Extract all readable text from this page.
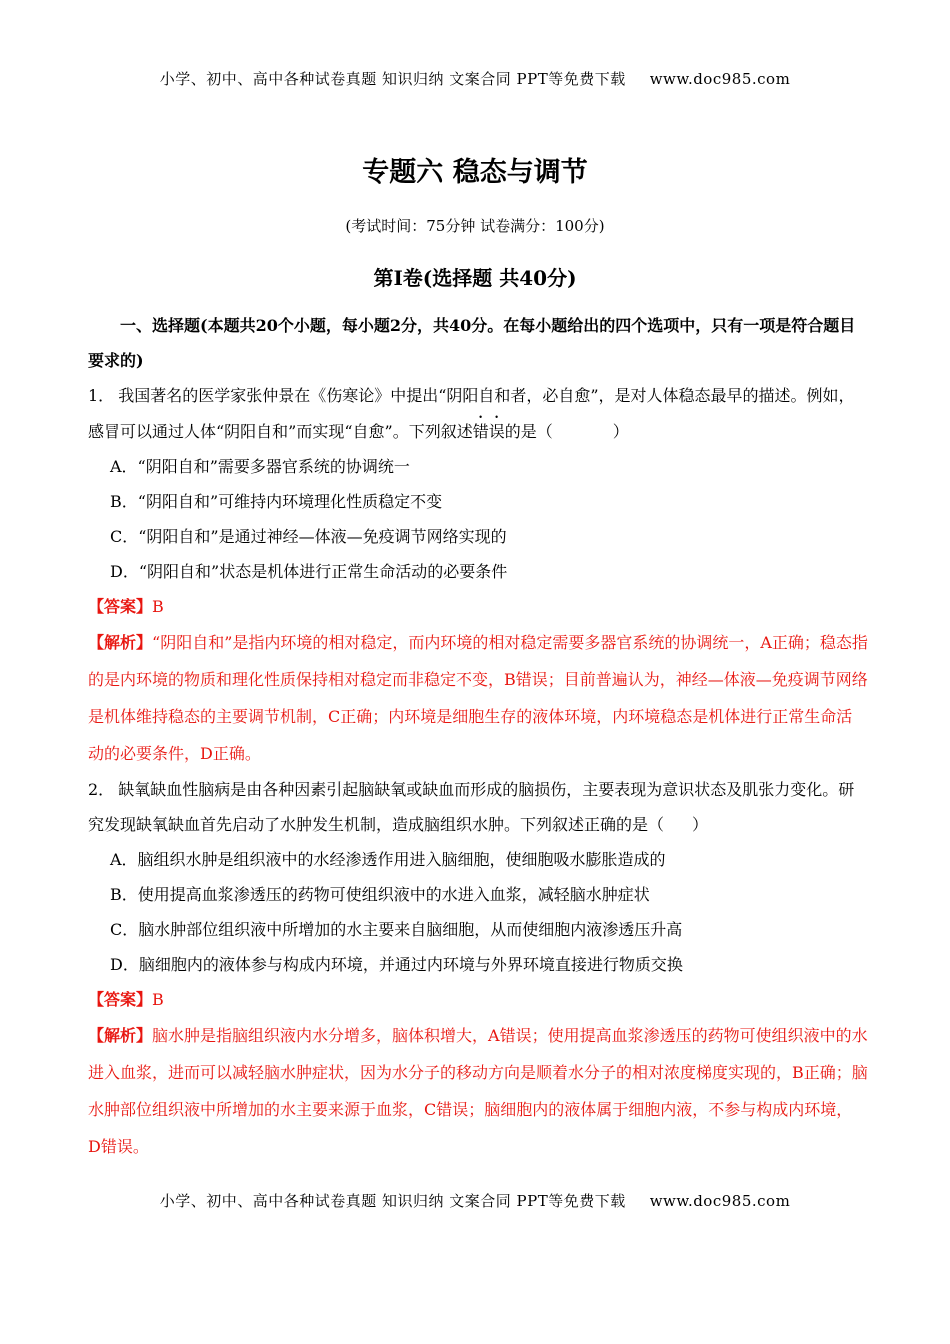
小学、初中、高中各种试卷真题 知识归纳 文案合同 PPT等免费下载 www.doc985.com
专题六 稳态与调节
(考试时间：75分钟 试卷满分：100分)
第Ⅰ卷(选择题 共40分)

一、选择题(本题共20个小题，每小题2分，共40分。在每小题给出的四个选项中，只有一项是符合题目要求的)

1． 我国著名的医学家张仲景在《伤寒论》中提出“阴阳自和者，必自愈”，是对人体稳态最早的描述。例如，感冒可以通过人体“阴阳自和”而实现“自愈”。下列叙述错误的是（	）

A．“阴阳自和”需要多器官系统的协调统一

B．“阴阳自和”可维持内环境理化性质稳定不变

C．“阴阳自和”是通过神经—体液—免疫调节网络实现的

D．“阴阳自和”状态是机体进行正常生命活动的必要条件

【答案】B

【解析】“阴阳自和”是指内环境的相对稳定，而内环境的相对稳定需要多器官系统的协调统一，A正确；稳态指的是内环境的物质和理化性质保持相对稳定而非稳定不变，B错误；目前普遍认为，神经—体液—免疫调节网络是机体维持稳态的主要调节机制，C正确；内环境是细胞生存的液体环境，内环境稳态是机体进行正常生命活动的必要条件，D正确。

2． 缺氧缺血性脑病是由各种因素引起脑缺氧或缺血而形成的脑损伤，主要表现为意识状态及肌张力变化。研究发现缺氧缺血首先启动了水肿发生机制，造成脑组织水肿。下列叙述正确的是（ ）

A．脑组织水肿是组织液中的水经渗透作用进入脑细胞，使细胞吸水膨胀造成的

B．使用提高血浆渗透压的药物可使组织液中的水进入血浆，减轻脑水肿症状

C．脑水肿部位组织液中所增加的水主要来自脑细胞，从而使细胞内液渗透压升高

D．脑细胞内的液体参与构成内环境，并通过内环境与外界环境直接进行物质交换

【答案】B

【解析】脑水肿是指脑组织液内水分增多，脑体积增大，A错误；使用提高血浆渗透压的药物可使组织液中的水进入血浆，进而可以减轻脑水肿症状，因为水分子的移动方向是顺着水分子的相对浓度梯度实现的，B正确；脑水肿部位组织液中所增加的水主要来源于血浆，C错误；脑细胞内的液体属于细胞内液，不参与构成内环境， D错误。

小学、初中、高中各种试卷真题 知识归纳 文案合同 PPT等免费下载 www.doc985.com
